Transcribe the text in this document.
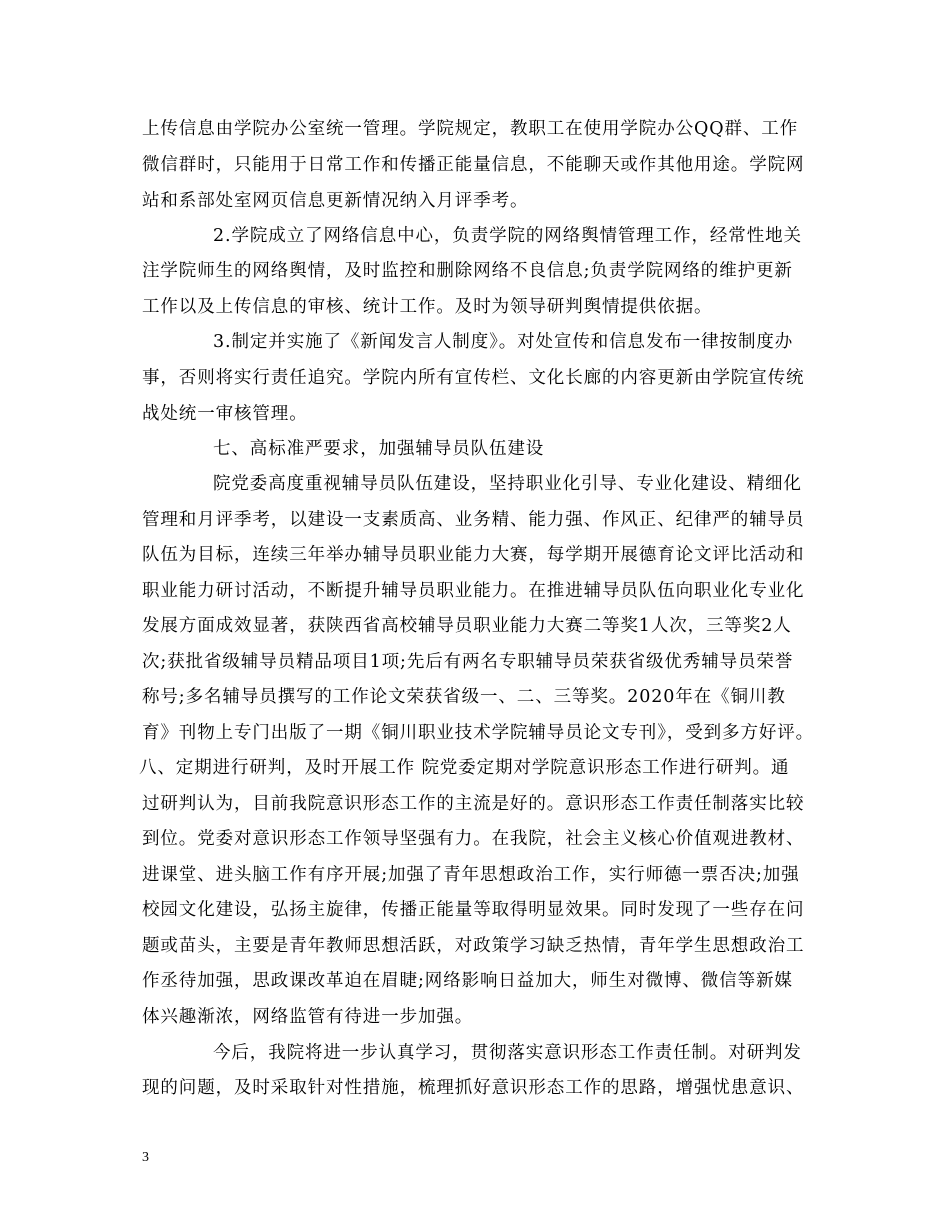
上传信息由学院办公室统一管理。学院规定，教职工在使用学院办公QQ群、工作
微信群时，只能用于日常工作和传播正能量信息，不能聊天或作其他用途。学院网
站和系部处室网页信息更新情况纳入月评季考。
2.学院成立了网络信息中心，负责学院的网络舆情管理工作，经常性地关
注学院师生的网络舆情，及时监控和删除网络不良信息;负责学院网络的维护更新
工作以及上传信息的审核、统计工作。及时为领导研判舆情提供依据。
3.制定并实施了《新闻发言人制度》。对处宣传和信息发布一律按制度办
事，否则将实行责任追究。学院内所有宣传栏、文化长廊的内容更新由学院宣传统
战处统一审核管理。
七、高标准严要求，加强辅导员队伍建设
院党委高度重视辅导员队伍建设，坚持职业化引导、专业化建设、精细化
管理和月评季考，以建设一支素质高、业务精、能力强、作风正、纪律严的辅导员
队伍为目标，连续三年举办辅导员职业能力大赛，每学期开展德育论文评比活动和
职业能力研讨活动，不断提升辅导员职业能力。在推进辅导员队伍向职业化专业化
发展方面成效显著，获陕西省高校辅导员职业能力大赛二等奖1人次，三等奖2人
次;获批省级辅导员精品项目1项;先后有两名专职辅导员荣获省级优秀辅导员荣誉
称号;多名辅导员撰写的工作论文荣获省级一、二、三等奖。2020年在《铜川教
育》刊物上专门出版了一期《铜川职业技术学院辅导员论文专刊》，受到多方好评。
八、定期进行研判，及时开展工作 院党委定期对学院意识形态工作进行研判。通
过研判认为，目前我院意识形态工作的主流是好的。意识形态工作责任制落实比较
到位。党委对意识形态工作领导坚强有力。在我院，社会主义核心价值观进教材、
进课堂、进头脑工作有序开展;加强了青年思想政治工作，实行师德一票否决;加强
校园文化建设，弘扬主旋律，传播正能量等取得明显效果。同时发现了一些存在问
题或苗头，主要是青年教师思想活跃，对政策学习缺乏热情，青年学生思想政治工
作丞待加强，思政课改革迫在眉睫;网络影响日益加大，师生对微博、微信等新媒
体兴趣渐浓，网络监管有待进一步加强。
今后，我院将进一步认真学习，贯彻落实意识形态工作责任制。对研判发
现的问题，及时采取针对性措施，梳理抓好意识形态工作的思路，增强忧患意识、
3
